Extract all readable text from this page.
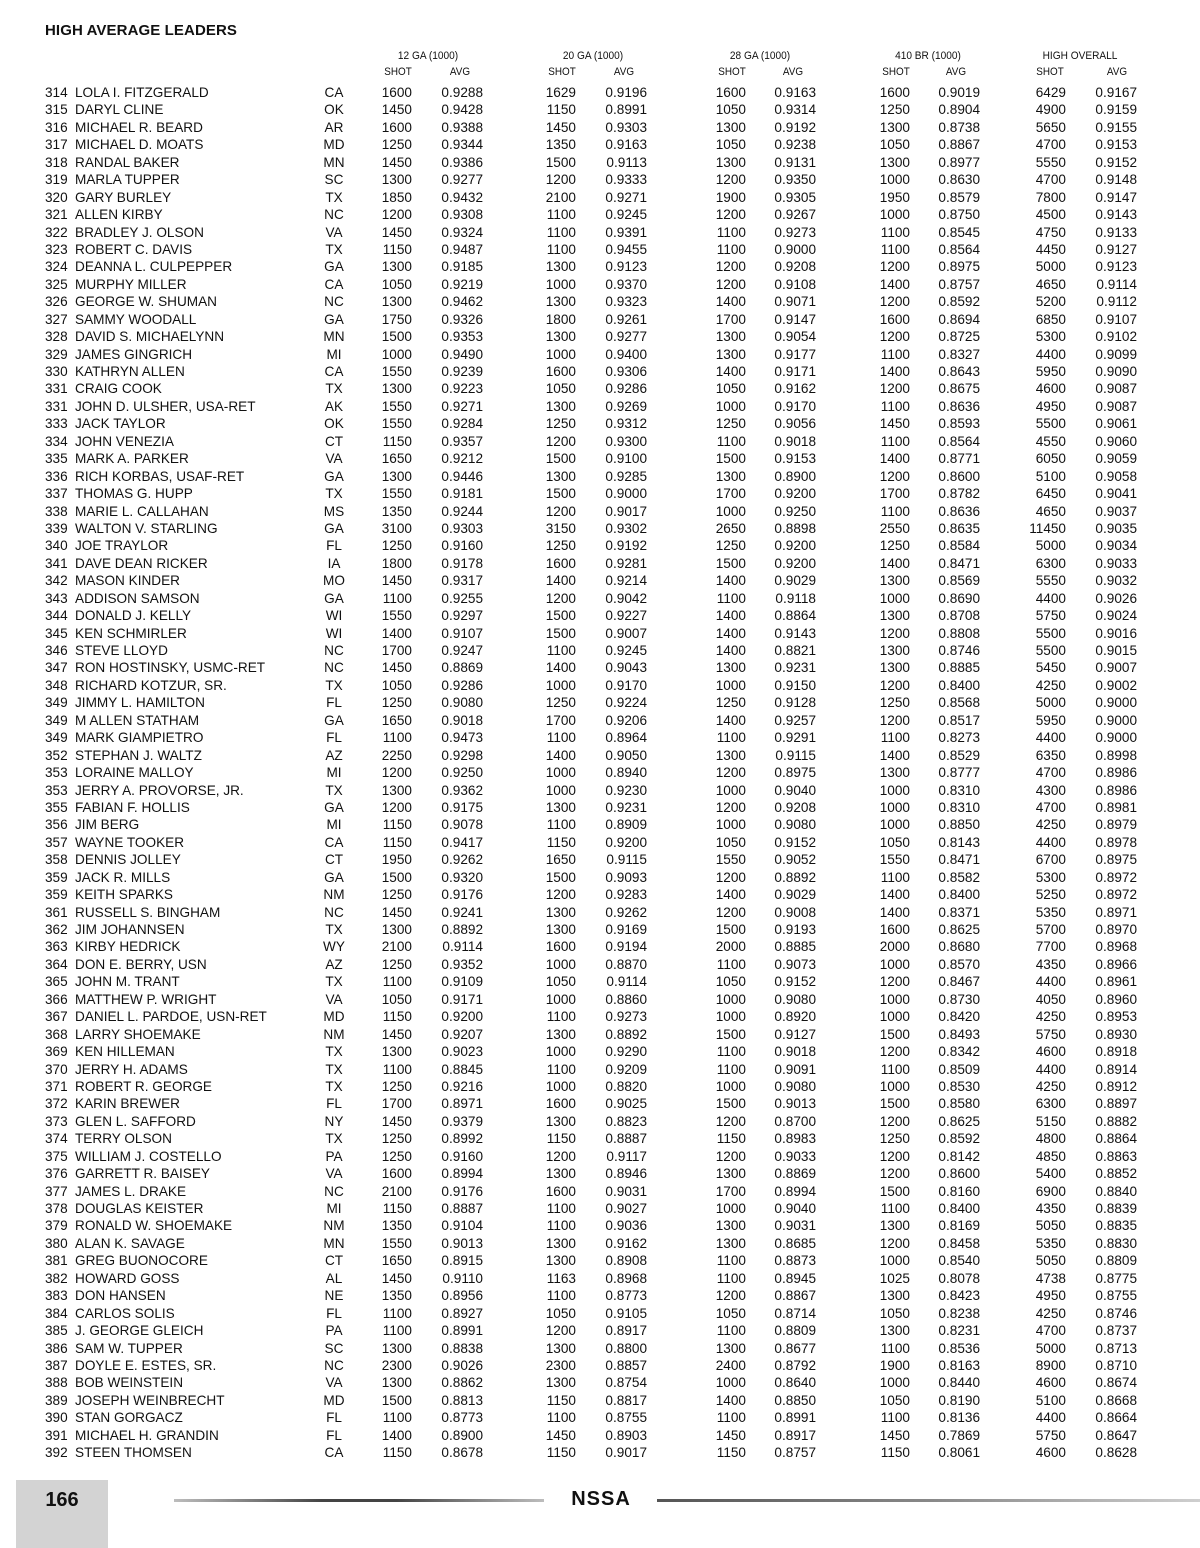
HIGH AVERAGE LEADERS
12 GA (1000)	20 GA (1000)	28 GA (1000)	410 BR (1000)	HIGH OVERALL
SHOT	AVG	SHOT	AVG	SHOT	AVG	SHOT	AVG	SHOT	AVG
314 LOLA I. FITZGERALD	CA	1600 0.9288	1629 0.9196	1600 0.9163	1600 0.9019	6429 0.9167
315 DARYL CLINE	OK	1450 0.9428	1150 0.8991	1050 0.9314	1250 0.8904	4900 0.9159
316 MICHAEL R. BEARD	AR	1600 0.9388	1450 0.9303	1300 0.9192	1300 0.8738	5650 0.9155
317 MICHAEL D. MOATS	MD	1250 0.9344	1350 0.9163	1050 0.9238	1050 0.8867	4700 0.9153
318 RANDAL BAKER	MN	1450 0.9386	1500	0.9113	1300 0.9131	1300 0.8977	5550 0.9152
319 MARLA TUPPER	SC	1300 0.9277	1200 0.9333	1200 0.9350	1000 0.8630	4700 0.9148
320 GARY BURLEY	TX	1850 0.9432	2100 0.9271	1900 0.9305	1950 0.8579	7800 0.9147
321 ALLEN KIRBY	NC	1200 0.9308	1100 0.9245	1200 0.9267	1000 0.8750	4500 0.9143
322 BRADLEY J. OLSON	VA	1450 0.9324	1100 0.9391	1100 0.9273	1100 0.8545	4750 0.9133
323 ROBERT C. DAVIS	TX	1150 0.9487	1100 0.9455	1100 0.9000	1100 0.8564	4450 0.9127
324 DEANNA L. CULPEPPER	GA	1300 0.9185	1300 0.9123	1200 0.9208	1200 0.8975	5000 0.9123
325 MURPHY MILLER	CA	1050 0.9219	1000 0.9370	1200 0.9108	1400 0.8757	4650	0.9114
326 GEORGE W. SHUMAN	NC	1300 0.9462	1300 0.9323	1400 0.9071	1200 0.8592	5200	0.9112
327 SAMMY WOODALL	GA	1750 0.9326	1800 0.9261	1700 0.9147	1600 0.8694	6850 0.9107
328 DAVID S. MICHAELYNN	MN	1500 0.9353	1300 0.9277	1300 0.9054	1200 0.8725	5300 0.9102
329 JAMES GINGRICH	MI	1000 0.9490	1000 0.9400	1300 0.9177	1100 0.8327	4400 0.9099
330 KATHRYN ALLEN	CA	1550 0.9239	1600 0.9306	1400 0.9171	1400 0.8643	5950 0.9090
331 CRAIG COOK	TX	1300 0.9223	1050 0.9286	1050 0.9162	1200 0.8675	4600 0.9087
331 JOHN D. ULSHER, USA-RET	AK	1550 0.9271	1300 0.9269	1000 0.9170	1100 0.8636	4950 0.9087
333 JACK TAYLOR	OK	1550 0.9284	1250 0.9312	1250 0.9056	1450 0.8593	5500 0.9061
334 JOHN VENEZIA	CT	1150 0.9357	1200 0.9300	1100 0.9018	1100 0.8564	4550 0.9060
335 MARK A. PARKER	VA	1650 0.9212	1500 0.9100	1500 0.9153	1400 0.8771	6050 0.9059
336 RICH KORBAS, USAF-RET	GA	1300 0.9446	1300 0.9285	1300 0.8900	1200 0.8600	5100 0.9058
337 THOMAS G. HUPP	TX	1550 0.9181	1500 0.9000	1700 0.9200	1700 0.8782	6450 0.9041
338 MARIE L. CALLAHAN	MS	1350 0.9244	1200 0.9017	1000 0.9250	1100 0.8636	4650 0.9037
339 WALTON V. STARLING	GA	3100 0.9303	3150 0.9302	2650 0.8898	2550 0.8635	11450 0.9035
340 JOE TRAYLOR	FL	1250 0.9160	1250 0.9192	1250 0.9200	1250 0.8584	5000 0.9034
341 DAVE DEAN RICKER	IA	1800 0.9178	1600 0.9281	1500 0.9200	1400 0.8471	6300 0.9033
342 MASON KINDER	MO	1450 0.9317	1400 0.9214	1400 0.9029	1300 0.8569	5550 0.9032
343 ADDISON SAMSON	GA	1100 0.9255	1200 0.9042	1100	0.9118	1000 0.8690	4400 0.9026
344 DONALD J. KELLY	WI	1550 0.9297	1500 0.9227	1400 0.8864	1300 0.8708	5750 0.9024
345 KEN SCHMIRLER	WI	1400 0.9107	1500 0.9007	1400 0.9143	1200 0.8808	5500 0.9016
346 STEVE LLOYD	NC	1700 0.9247	1100 0.9245	1400 0.8821	1300 0.8746	5500 0.9015
347 RON HOSTINSKY, USMC-RET	NC	1450 0.8869	1400 0.9043	1300 0.9231	1300 0.8885	5450 0.9007
348 RICHARD KOTZUR, SR.	TX	1050 0.9286	1000 0.9170	1000 0.9150	1200 0.8400	4250 0.9002
349 JIMMY L. HAMILTON	FL	1250 0.9080	1250 0.9224	1250 0.9128	1250 0.8568	5000 0.9000
349 M ALLEN STATHAM	GA	1650 0.9018	1700 0.9206	1400 0.9257	1200 0.8517	5950 0.9000
349 MARK GIAMPIETRO	FL	1100 0.9473	1100 0.8964	1100 0.9291	1100 0.8273	4400 0.9000
352 STEPHAN J. WALTZ	AZ	2250 0.9298	1400 0.9050	1300	0.9115	1400 0.8529	6350 0.8998
353 LORAINE MALLOY	MI	1200 0.9250	1000 0.8940	1200 0.8975	1300 0.8777	4700 0.8986
353 JERRY A. PROVORSE, JR.	TX	1300 0.9362	1000 0.9230	1000 0.9040	1000 0.8310	4300 0.8986
355 FABIAN F. HOLLIS	GA	1200 0.9175	1300 0.9231	1200 0.9208	1000 0.8310	4700 0.8981
356 JIM BERG	MI	1150 0.9078	1100 0.8909	1000 0.9080	1000 0.8850	4250 0.8979
357 WAYNE TOOKER	CA	1150 0.9417	1150 0.9200	1050 0.9152	1050 0.8143	4400 0.8978
358 DENNIS JOLLEY	CT	1950 0.9262	1650	0.9115	1550 0.9052	1550 0.8471	6700 0.8975
359 JACK R. MILLS	GA	1500 0.9320	1500 0.9093	1200 0.8892	1100 0.8582	5300 0.8972
359 KEITH SPARKS	NM	1250 0.9176	1200 0.9283	1400 0.9029	1400 0.8400	5250 0.8972
361 RUSSELL S. BINGHAM	NC	1450 0.9241	1300 0.9262	1200 0.9008	1400 0.8371	5350 0.8971
362 JIM JOHANNSEN	TX	1300 0.8892	1300 0.9169	1500 0.9193	1600 0.8625	5700 0.8970
363 KIRBY HEDRICK	WY	2100	0.9114	1600 0.9194	2000 0.8885	2000 0.8680	7700 0.8968
364 DON E. BERRY, USN	AZ	1250 0.9352	1000 0.8870	1100 0.9073	1000 0.8570	4350 0.8966
365 JOHN M. TRANT	TX	1100 0.9109	1050	0.9114	1050 0.9152	1200 0.8467	4400 0.8961
366 MATTHEW P. WRIGHT	VA	1050 0.9171	1000 0.8860	1000 0.9080	1000 0.8730	4050 0.8960
367 DANIEL L. PARDOE, USN-RET	MD	1150 0.9200	1100 0.9273	1000 0.8920	1000 0.8420	4250 0.8953
368 LARRY SHOEMAKE	NM	1450 0.9207	1300 0.8892	1500 0.9127	1500 0.8493	5750 0.8930
369 KEN HILLEMAN	TX	1300 0.9023	1000 0.9290	1100 0.9018	1200 0.8342	4600 0.8918
370 JERRY H. ADAMS	TX	1100 0.8845	1100 0.9209	1100 0.9091	1100 0.8509	4400 0.8914
371 ROBERT R. GEORGE	TX	1250 0.9216	1000 0.8820	1000 0.9080	1000 0.8530	4250 0.8912
372 KARIN BREWER	FL	1700 0.8971	1600 0.9025	1500 0.9013	1500 0.8580	6300 0.8897
373 GLEN L. SAFFORD	NY	1450 0.9379	1300 0.8823	1200 0.8700	1200 0.8625	5150 0.8882
374 TERRY OLSON	TX	1250 0.8992	1150 0.8887	1150 0.8983	1250 0.8592	4800 0.8864
375 WILLIAM J. COSTELLO	PA	1250 0.9160	1200	0.9117	1200 0.9033	1200 0.8142	4850 0.8863
376 GARRETT R. BAISEY	VA	1600 0.8994	1300 0.8946	1300 0.8869	1200 0.8600	5400 0.8852
377 JAMES L. DRAKE	NC	2100 0.9176	1600 0.9031	1700 0.8994	1500 0.8160	6900 0.8840
378 DOUGLAS KEISTER	MI	1150 0.8887	1100 0.9027	1000 0.9040	1100 0.8400	4350 0.8839
379 RONALD W. SHOEMAKE	NM	1350 0.9104	1100 0.9036	1300 0.9031	1300 0.8169	5050 0.8835
380 ALAN K. SAVAGE	MN	1550 0.9013	1300 0.9162	1300 0.8685	1200 0.8458	5350 0.8830
381 GREG BUONOCORE	CT	1650 0.8915	1300 0.8908	1100 0.8873	1000 0.8540	5050 0.8809
382 HOWARD GOSS	AL	1450	0.9110	1163 0.8968	1100 0.8945	1025 0.8078	4738 0.8775
383 DON HANSEN	NE	1350 0.8956	1100 0.8773	1200 0.8867	1300 0.8423	4950 0.8755
384 CARLOS SOLIS	FL	1100 0.8927	1050 0.9105	1050 0.8714	1050 0.8238	4250 0.8746
385 J. GEORGE GLEICH	PA	1100 0.8991	1200 0.8917	1100 0.8809	1300 0.8231	4700 0.8737
386 SAM W. TUPPER	SC	1300 0.8838	1300 0.8800	1300 0.8677	1100 0.8536	5000 0.8713
387 DOYLE E. ESTES, SR.	NC	2300 0.9026	2300 0.8857	2400 0.8792	1900 0.8163	8900 0.8710
388 BOB WEINSTEIN	VA	1300 0.8862	1300 0.8754	1000 0.8640	1000 0.8440	4600 0.8674
389 JOSEPH WEINBRECHT	MD	1500 0.8813	1150 0.8817	1400 0.8850	1050 0.8190	5100 0.8668
390 STAN GORGACZ	FL	1100 0.8773	1100 0.8755	1100 0.8991	1100 0.8136	4400 0.8664
391 MICHAEL H. GRANDIN	FL	1400 0.8900	1450 0.8903	1450 0.8917	1450 0.7869	5750 0.8647
392 STEEN THOMSEN	CA	1150 0.8678	1150 0.9017	1150 0.8757	1150 0.8061	4600 0.8628
166	NSSA
